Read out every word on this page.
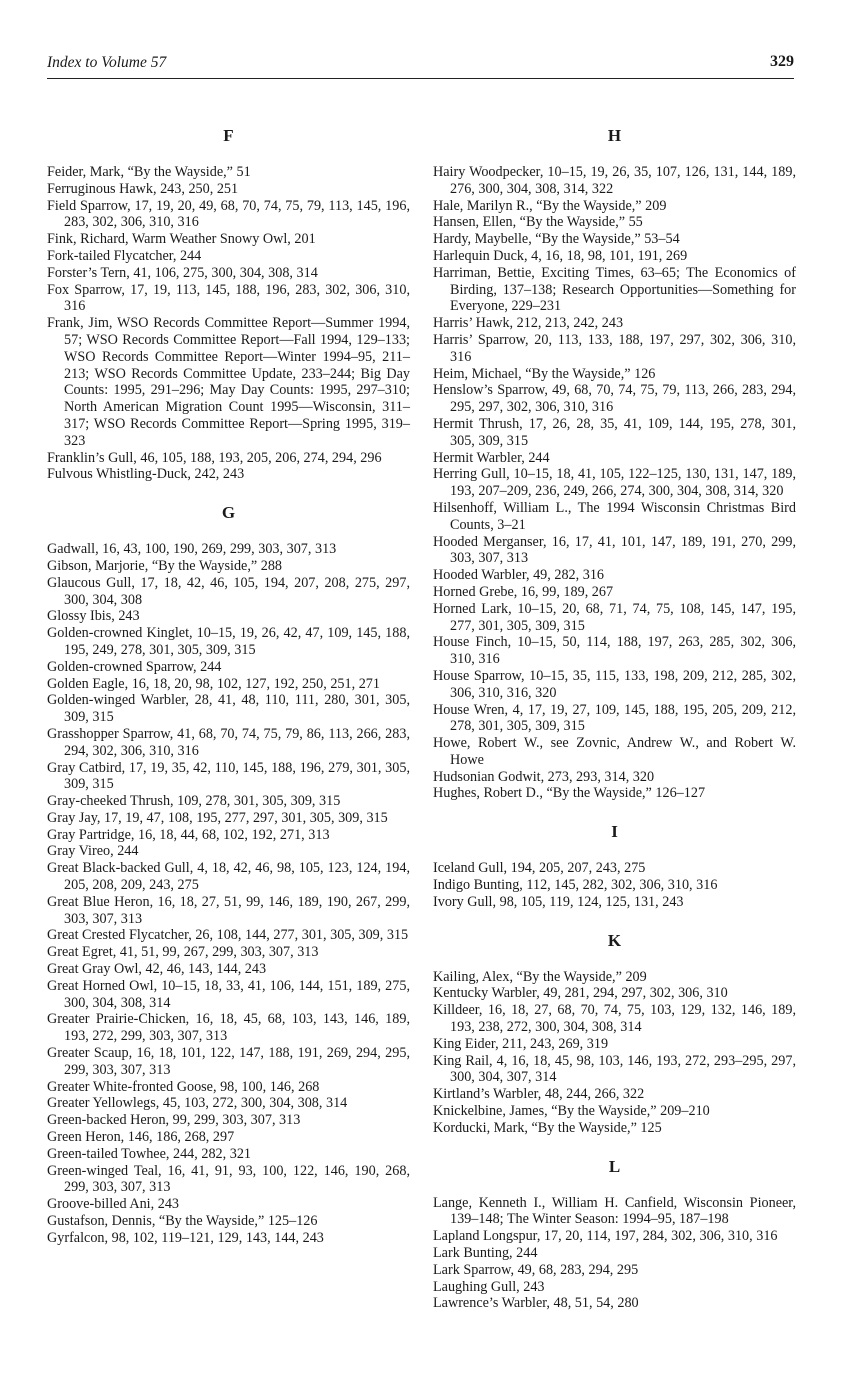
Index to Volume 57	329
F
Feider, Mark, “By the Wayside,” 51
Ferruginous Hawk, 243, 250, 251
Field Sparrow, 17, 19, 20, 49, 68, 70, 74, 75, 79, 113, 145, 196, 283, 302, 306, 310, 316
Fink, Richard, Warm Weather Snowy Owl, 201
Fork-tailed Flycatcher, 244
Forster’s Tern, 41, 106, 275, 300, 304, 308, 314
Fox Sparrow, 17, 19, 113, 145, 188, 196, 283, 302, 306, 310, 316
Frank, Jim, WSO Records Committee Report—Summer 1994, 57; WSO Records Committee Report—Fall 1994, 129–133; WSO Records Committee Report—Winter 1994–95, 211–213; WSO Records Committee Update, 233–244; Big Day Counts: 1995, 291–296; May Day Counts: 1995, 297–310; North American Migration Count 1995—Wisconsin, 311–317; WSO Records Committee Report—Spring 1995, 319–323
Franklin’s Gull, 46, 105, 188, 193, 205, 206, 274, 294, 296
Fulvous Whistling-Duck, 242, 243
G
Gadwall, 16, 43, 100, 190, 269, 299, 303, 307, 313
Gibson, Marjorie, “By the Wayside,” 288
Glaucous Gull, 17, 18, 42, 46, 105, 194, 207, 208, 275, 297, 300, 304, 308
Glossy Ibis, 243
Golden-crowned Kinglet, 10–15, 19, 26, 42, 47, 109, 145, 188, 195, 249, 278, 301, 305, 309, 315
Golden-crowned Sparrow, 244
Golden Eagle, 16, 18, 20, 98, 102, 127, 192, 250, 251, 271
Golden-winged Warbler, 28, 41, 48, 110, 111, 280, 301, 305, 309, 315
Grasshopper Sparrow, 41, 68, 70, 74, 75, 79, 86, 113, 266, 283, 294, 302, 306, 310, 316
Gray Catbird, 17, 19, 35, 42, 110, 145, 188, 196, 279, 301, 305, 309, 315
Gray-cheeked Thrush, 109, 278, 301, 305, 309, 315
Gray Jay, 17, 19, 47, 108, 195, 277, 297, 301, 305, 309, 315
Gray Partridge, 16, 18, 44, 68, 102, 192, 271, 313
Gray Vireo, 244
Great Black-backed Gull, 4, 18, 42, 46, 98, 105, 123, 124, 194, 205, 208, 209, 243, 275
Great Blue Heron, 16, 18, 27, 51, 99, 146, 189, 190, 267, 299, 303, 307, 313
Great Crested Flycatcher, 26, 108, 144, 277, 301, 305, 309, 315
Great Egret, 41, 51, 99, 267, 299, 303, 307, 313
Great Gray Owl, 42, 46, 143, 144, 243
Great Horned Owl, 10–15, 18, 33, 41, 106, 144, 151, 189, 275, 300, 304, 308, 314
Greater Prairie-Chicken, 16, 18, 45, 68, 103, 143, 146, 189, 193, 272, 299, 303, 307, 313
Greater Scaup, 16, 18, 101, 122, 147, 188, 191, 269, 294, 295, 299, 303, 307, 313
Greater White-fronted Goose, 98, 100, 146, 268
Greater Yellowlegs, 45, 103, 272, 300, 304, 308, 314
Green-backed Heron, 99, 299, 303, 307, 313
Green Heron, 146, 186, 268, 297
Green-tailed Towhee, 244, 282, 321
Green-winged Teal, 16, 41, 91, 93, 100, 122, 146, 190, 268, 299, 303, 307, 313
Groove-billed Ani, 243
Gustafson, Dennis, “By the Wayside,” 125–126
Gyrfalcon, 98, 102, 119–121, 129, 143, 144, 243
H
Hairy Woodpecker, 10–15, 19, 26, 35, 107, 126, 131, 144, 189, 276, 300, 304, 308, 314, 322
Hale, Marilyn R., “By the Wayside,” 209
Hansen, Ellen, “By the Wayside,” 55
Hardy, Maybelle, “By the Wayside,” 53–54
Harlequin Duck, 4, 16, 18, 98, 101, 191, 269
Harriman, Bettie, Exciting Times, 63–65; The Economics of Birding, 137–138; Research Opportunities—Something for Everyone, 229–231
Harris’ Hawk, 212, 213, 242, 243
Harris’ Sparrow, 20, 113, 133, 188, 197, 297, 302, 306, 310, 316
Heim, Michael, “By the Wayside,” 126
Henslow’s Sparrow, 49, 68, 70, 74, 75, 79, 113, 266, 283, 294, 295, 297, 302, 306, 310, 316
Hermit Thrush, 17, 26, 28, 35, 41, 109, 144, 195, 278, 301, 305, 309, 315
Hermit Warbler, 244
Herring Gull, 10–15, 18, 41, 105, 122–125, 130, 131, 147, 189, 193, 207–209, 236, 249, 266, 274, 300, 304, 308, 314, 320
Hilsenhoff, William L., The 1994 Wisconsin Christmas Bird Counts, 3–21
Hooded Merganser, 16, 17, 41, 101, 147, 189, 191, 270, 299, 303, 307, 313
Hooded Warbler, 49, 282, 316
Horned Grebe, 16, 99, 189, 267
Horned Lark, 10–15, 20, 68, 71, 74, 75, 108, 145, 147, 195, 277, 301, 305, 309, 315
House Finch, 10–15, 50, 114, 188, 197, 263, 285, 302, 306, 310, 316
House Sparrow, 10–15, 35, 115, 133, 198, 209, 212, 285, 302, 306, 310, 316, 320
House Wren, 4, 17, 19, 27, 109, 145, 188, 195, 205, 209, 212, 278, 301, 305, 309, 315
Howe, Robert W., see Zovnic, Andrew W., and Robert W. Howe
Hudsonian Godwit, 273, 293, 314, 320
Hughes, Robert D., “By the Wayside,” 126–127
I
Iceland Gull, 194, 205, 207, 243, 275
Indigo Bunting, 112, 145, 282, 302, 306, 310, 316
Ivory Gull, 98, 105, 119, 124, 125, 131, 243
K
Kailing, Alex, “By the Wayside,” 209
Kentucky Warbler, 49, 281, 294, 297, 302, 306, 310
Killdeer, 16, 18, 27, 68, 70, 74, 75, 103, 129, 132, 146, 189, 193, 238, 272, 300, 304, 308, 314
King Eider, 211, 243, 269, 319
King Rail, 4, 16, 18, 45, 98, 103, 146, 193, 272, 293–295, 297, 300, 304, 307, 314
Kirtland’s Warbler, 48, 244, 266, 322
Knickelbine, James, “By the Wayside,” 209–210
Korducki, Mark, “By the Wayside,” 125
L
Lange, Kenneth I., William H. Canfield, Wisconsin Pioneer, 139–148; The Winter Season: 1994–95, 187–198
Lapland Longspur, 17, 20, 114, 197, 284, 302, 306, 310, 316
Lark Bunting, 244
Lark Sparrow, 49, 68, 283, 294, 295
Laughing Gull, 243
Lawrence’s Warbler, 48, 51, 54, 280
